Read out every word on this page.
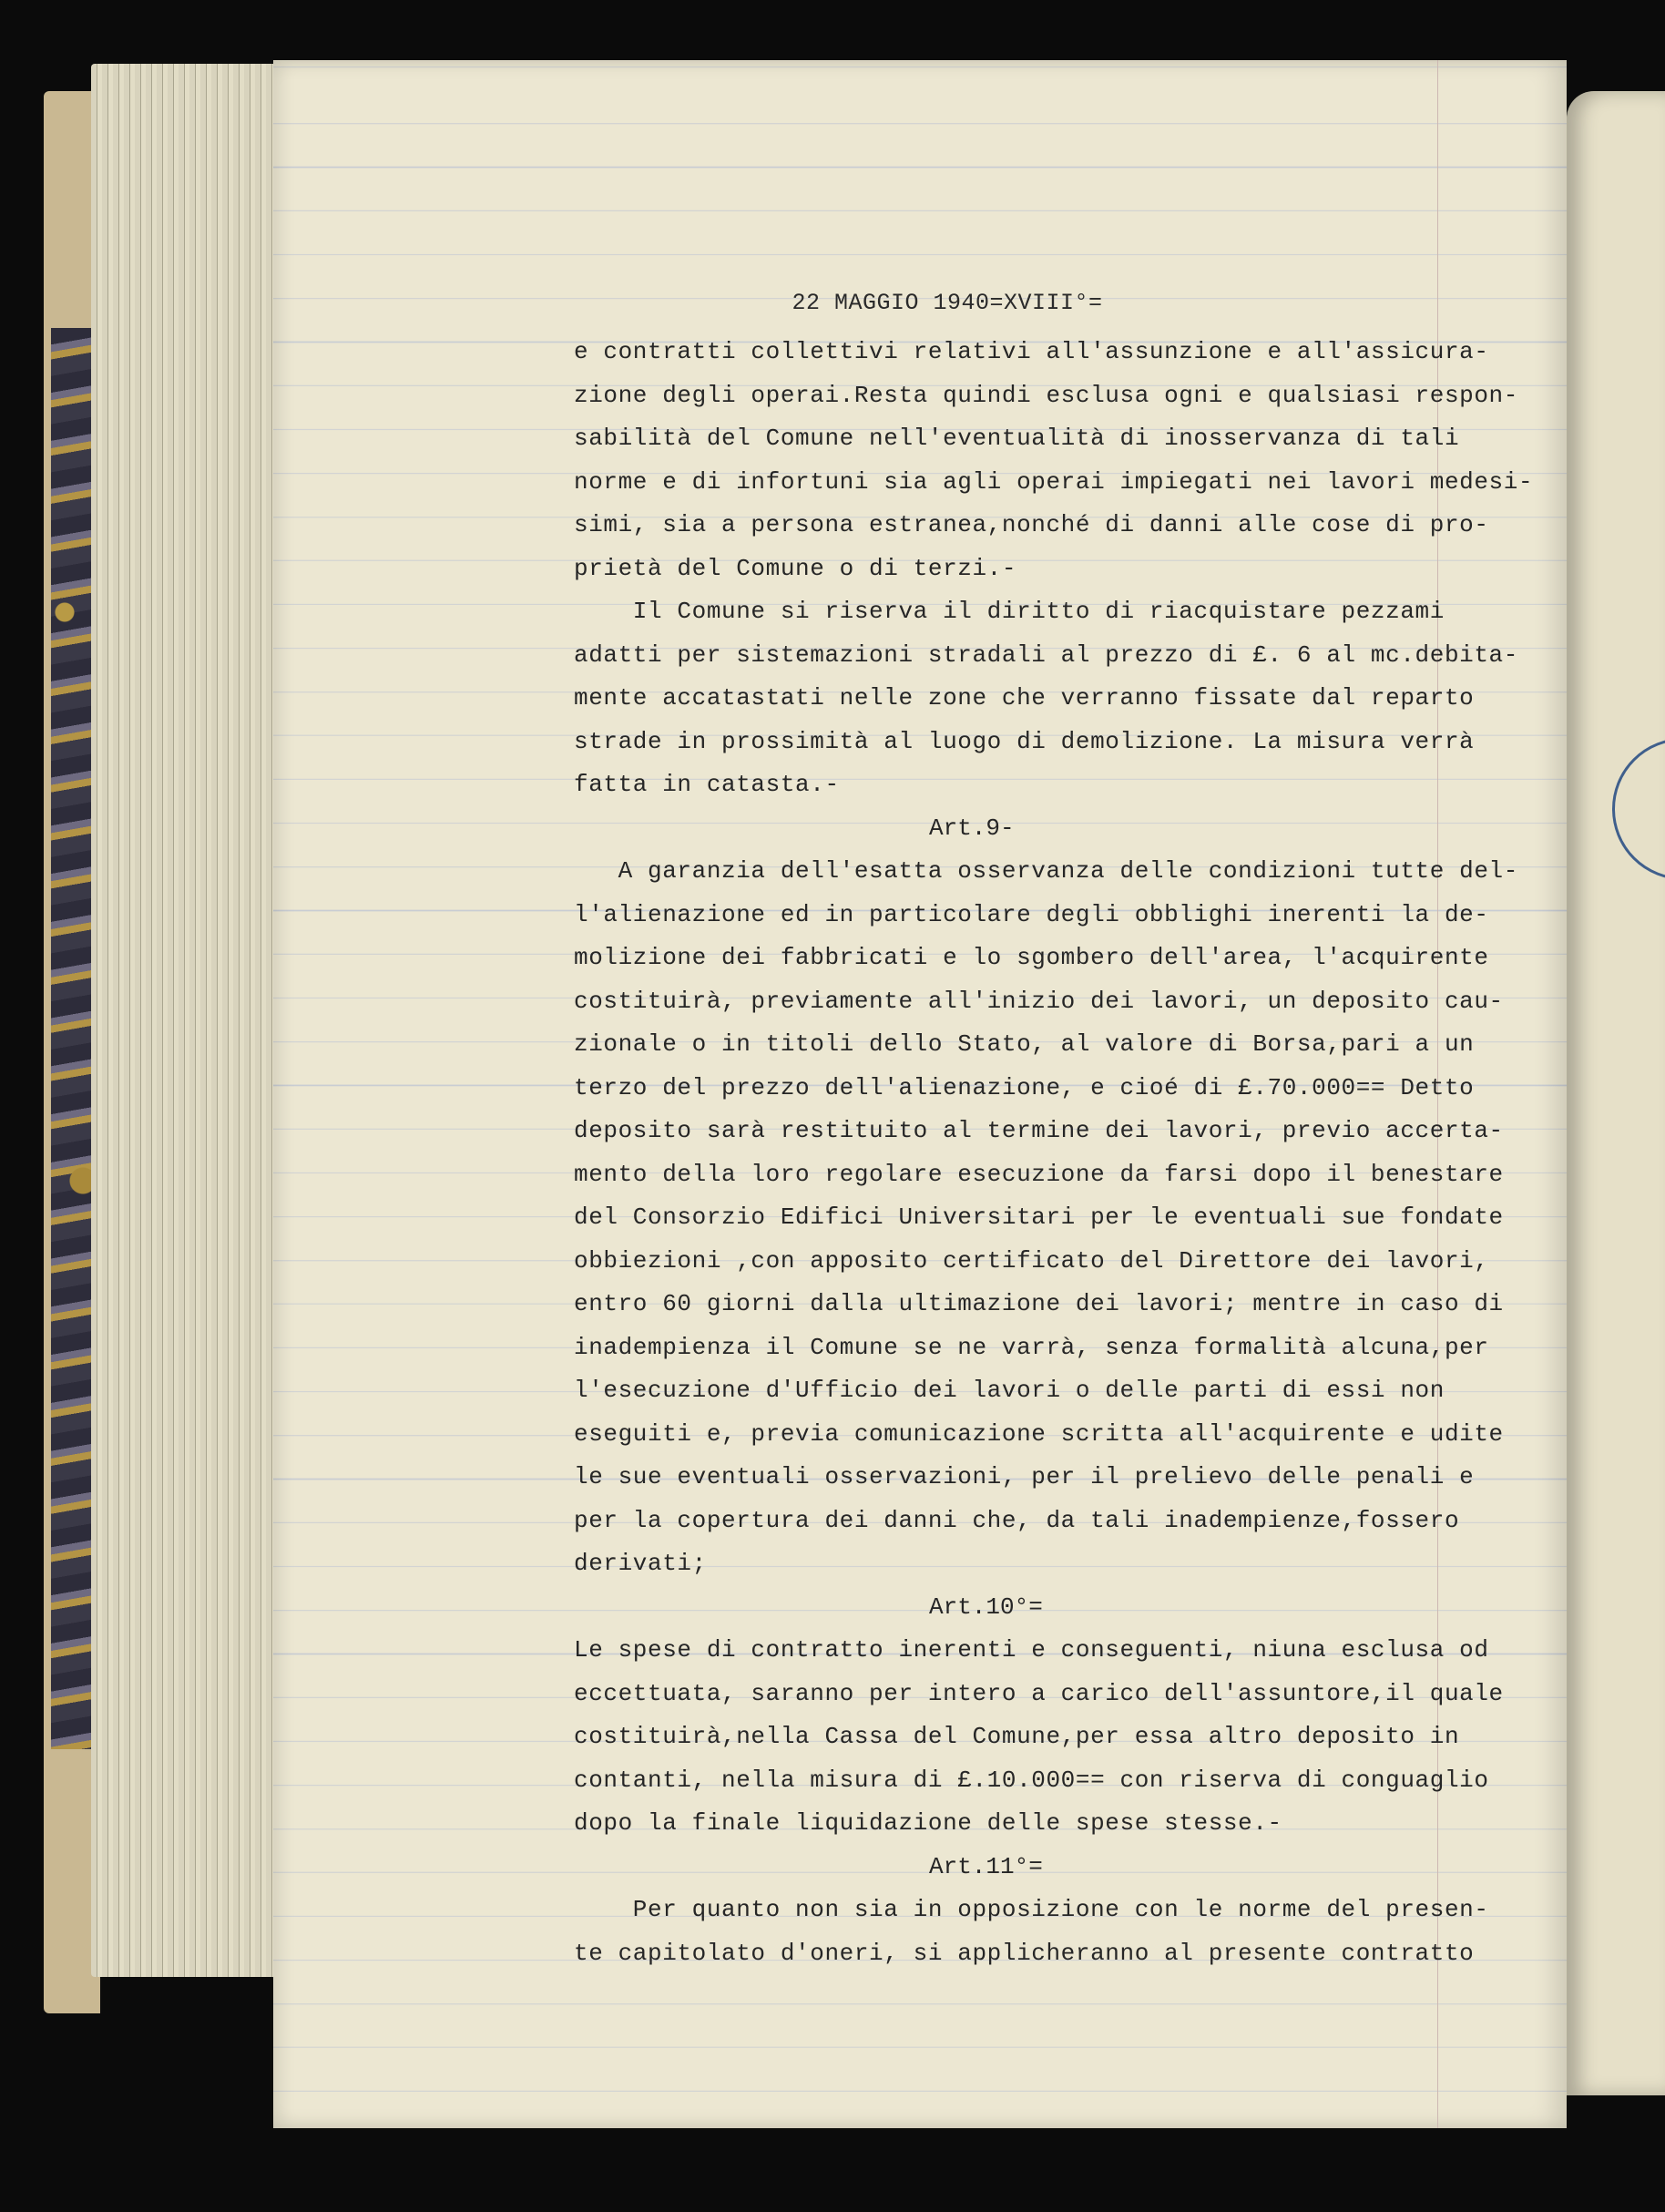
22 MAGGIO 1940=XVIII°=
e contratti collettivi relativi all'assunzione e all'assicura-
zione degli operai.Resta quindi esclusa ogni e qualsiasi respon-
sabilità del Comune nell'eventualità di inosservanza di tali
norme e di infortuni sia agli operai impiegati nei lavori medesi-
simi, sia a persona estranea,nonché di danni alle cose di pro-
prietà del Comune o di terzi.-
Il Comune si riserva il diritto di riacquistare pezzami
adatti per sistemazioni stradali al prezzo di £. 6 al mc.debita-
mente accatastati nelle zone che verranno fissate dal reparto
strade in prossimità al luogo di demolizione. La misura verrà
fatta in catasta.-
Art.9-
A garanzia dell'esatta osservanza delle condizioni tutte del-
l'alienazione ed in particolare degli obblighi inerenti la de-
molizione dei fabbricati e lo sgombero dell'area, l'acquirente
costituirà, previamente all'inizio dei lavori, un deposito cau-
zionale o in titoli dello Stato, al valore di Borsa,pari a un
terzo del prezzo dell'alienazione, e cioé di £.70.000== Detto
deposito sarà restituito al termine dei lavori, previo accerta-
mento della loro regolare esecuzione da farsi dopo il benestare
del Consorzio Edifici Universitari per le eventuali sue fondate
obbiezioni ,con apposito certificato del Direttore dei lavori,
entro 60 giorni dalla ultimazione dei lavori; mentre in caso di
inadempienza il Comune se ne varrà, senza formalità alcuna,per
l'esecuzione d'Ufficio dei lavori o delle parti di essi non
eseguiti e, previa comunicazione scritta all'acquirente e udite
le sue eventuali osservazioni, per il prelievo delle penali e
per la copertura dei danni che, da tali inadempienze,fossero
derivati;
Art.10°=
Le spese di contratto inerenti e conseguenti, niuna esclusa od
eccettuata, saranno per intero a carico dell'assuntore,il quale
costituirà,nella Cassa del Comune,per essa altro deposito in
contanti, nella misura di £.10.000== con riserva di conguaglio
dopo la finale liquidazione delle spese stesse.-
Art.11°=
Per quanto non sia in opposizione con le norme del presen-
te capitolato d'oneri, si applicheranno al presente contratto
